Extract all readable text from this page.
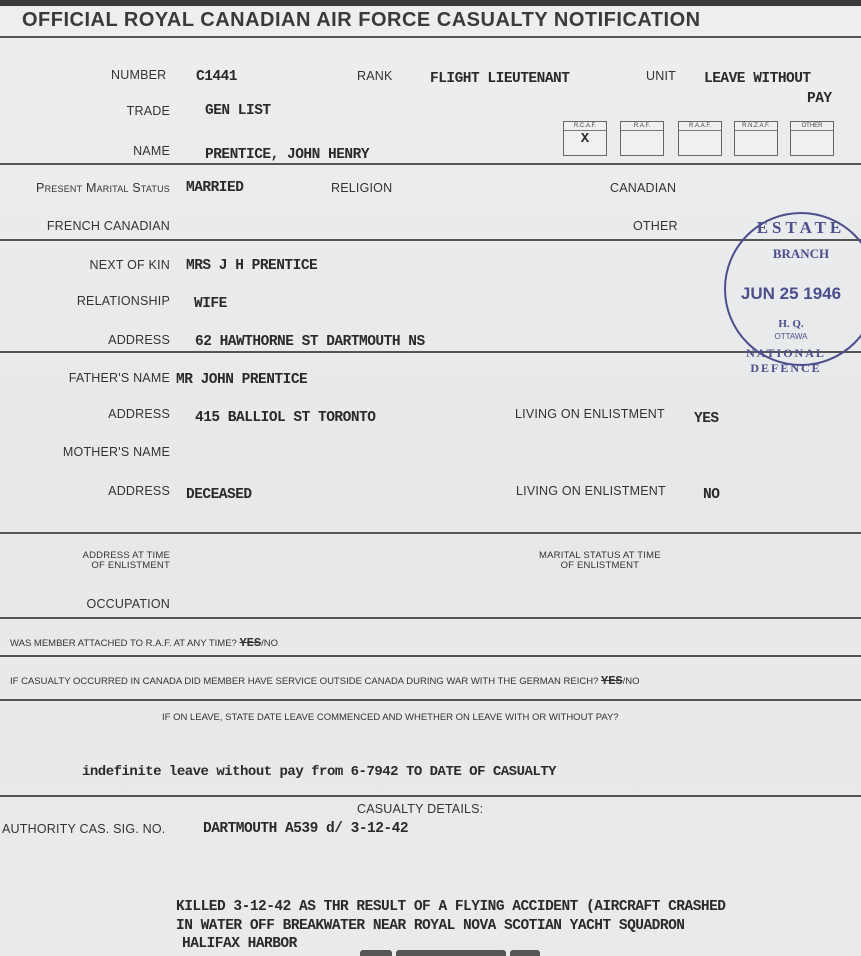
OFFICIAL ROYAL CANADIAN AIR FORCE CASUALTY NOTIFICATION
NUMBER C1441	RANK	FLIGHT LIEUTENANT	UNIT LEAVE WITHOUT
PAY
TRADE GEN LIST
R.C.A.F.
X
R.A.F.	R.A.A.F.	R.N.Z.A.F.	OTHER
NAME PRENTICE, JOHN HENRY
Present Marital Status MARRIED	RELIGION	CANADIAN
FRENCH CANADIAN	OTHER
NEXT OF KIN MRS J H PRENTICE
RELATIONSHIP WIFE
ADDRESS 62 HAWTHORNE ST DARTMOUTH NS
ESTATE
BRANCH
JUN 25 1946
H. Q.
OTTAWA
NATIONAL DEFENCE
FATHER'S NAME MR JOHN PRENTICE
ADDRESS 415 BALLIOL ST TORONTO	LIVING ON ENLISTMENT YES
MOTHER'S NAME
ADDRESS DECEASED	LIVING ON ENLISTMENT	NO
ADDRESS AT TIME
OF ENLISTMENT
MARITAL STATUS AT TIME
OF ENLISTMENT
OCCUPATION
WAS MEMBER ATTACHED TO R.A.F. AT ANY TIME? YES/NO
IF CASUALTY OCCURRED IN CANADA DID MEMBER HAVE SERVICE OUTSIDE CANADA DURING WAR WITH THE GERMAN REICH? YES/NO
IF ON LEAVE, STATE DATE LEAVE COMMENCED AND WHETHER ON LEAVE WITH OR WITHOUT PAY?
indefinite leave without pay from 6-7942 TO DATE OF CASUALTY
CASUALTY DETAILS:
AUTHORITY CAS. SIG. NO.	DARTMOUTH A539 d/ 3-12-42
KILLED 3-12-42 AS THR RESULT OF A FLYING ACCIDENT (AIRCRAFT CRASHED
IN WATER OFF BREAKWATER NEAR ROYAL NOVA SCOTIAN YACHT SQUADRON
HALIFAX HARBOR
